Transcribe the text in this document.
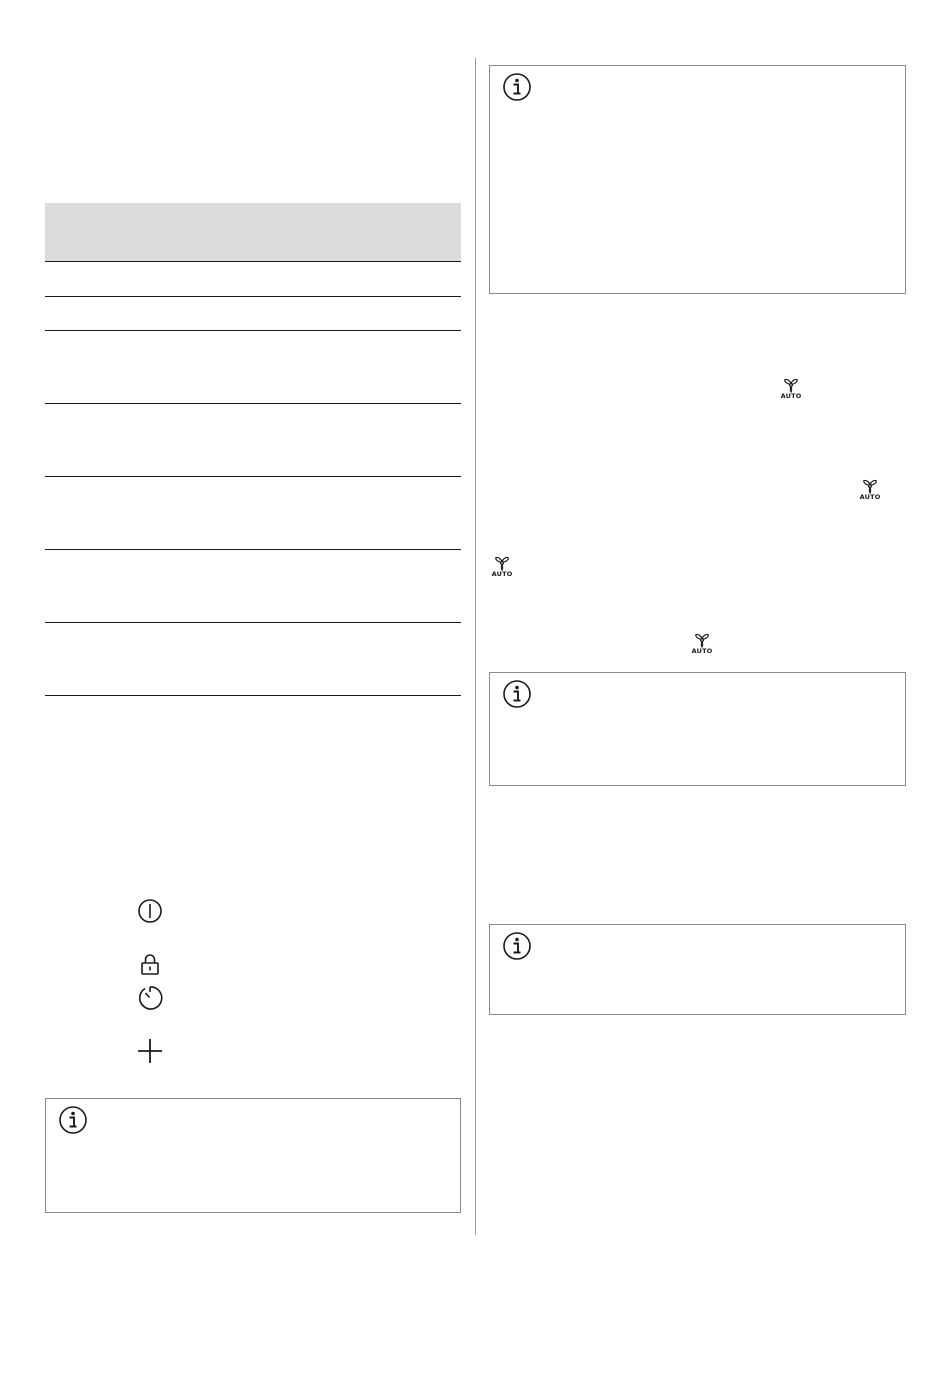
AUTO
AUTO
AUTO
AUTO
